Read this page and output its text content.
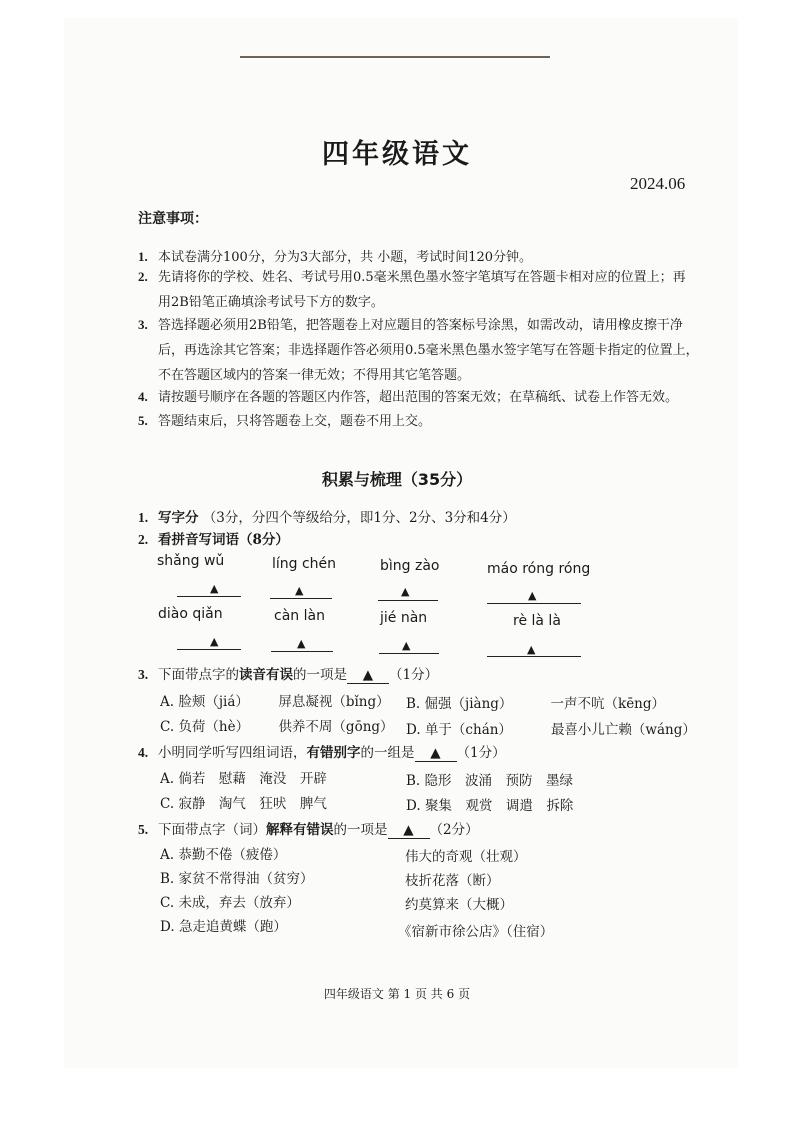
四年级语文
2024.06
注意事项：
1. 本试卷满分100分，分为3大部分，共 小题，考试时间120分钟。
2. 先请将你的学校、姓名、考试号用0.5毫米黑色墨水签字笔填写在答题卡相对应的位置上；再
用2B铅笔正确填涂考试号下方的数字。
3. 答选择题必须用2B铅笔，把答题卷上对应题目的答案标号涂黑，如需改动，请用橡皮擦干净
后，再选涂其它答案；非选择题作答必须用0.5毫米黑色墨水签字笔写在答题卡指定的位置上，
不在答题区域内的答案一律无效；不得用其它笔答题。
4. 请按题号顺序在各题的答题区内作答，超出范围的答案无效；在草稿纸、试卷上作答无效。
5. 答题结束后，只将答题卷上交，题卷不用上交。
积累与梳理（35分）
1. 写字分 （3分，分四个等级给分，即1分、2分、3分和4分）
2. 看拼音写词语（8分）
shǎng wǔ	líng chén	bìng zào	máo róng róng
▲	▲	▲	▲
diào qiǎn	càn làn	jié nàn	rè là là
▲	▲	▲	▲
3. 下面带点字的读音有误的一项是 ▲ （1分）
A. 脸颊（jiá） 屏息凝视（bǐng） B. 倔强（jiàng）	一声不吭（kēng）
C. 负荷（hè） 供养不周（gōng） D. 单于（chán）	最喜小儿亡赖（wáng）
4. 小明同学听写四组词语，有错别字的一组是 ▲ （1分）
A. 倘若　慰藉　淹没　开辟	B. 隐形　波涌　预防　墨绿
C. 寂静　淘气　狂吠　脾气	D. 聚集　观赏　调遣　拆除
5. 下面带点字（词）解释有错误的一项是 ▲ （2分）
A. 恭勤不倦（疲倦）	伟大的奇观（壮观）
B. 家贫不常得油（贫穷）	枝折花落（断）
C. 未成，弃去（放弃）	约莫算来（大概）
D. 急走追黄蝶（跑）	《宿新市徐公店》（住宿）
四年级语文 第 1 页 共 6 页
